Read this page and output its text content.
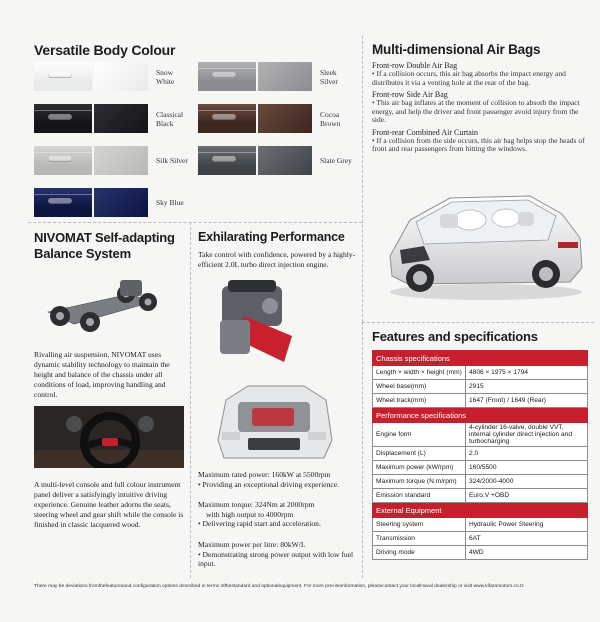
Versatile Body Colour
Snow White
Sleek Silver
Classical Black
Cocoa Brown
Silk Silver	Slate Grey
Sky Blue
Multi-dimensional Air Bags
Front-row Double Air Bag
• If a collision occurs, this air bag absorbs the impact energy and distributes it via a venting hole at the rear of the bag.
Front-row Side Air Bag
• This air bag inflates at the moment of collision to absorb the impact energy, and help the driver and front passenger avoid injury from the side.
Front-rear Combined Air Curtain
• If a collision from the side occurs, this air bag helps stop the heads of front and rear passengers from hitting the windows.
NIVOMAT Self-adapting
Balance System
Rivalling air suspension, NIVOMAT uses dynamic stability technology to maintain the height and balance of the chassis under all conditions of load, improving handling and control.
A multi-level console and full colour instrument panel deliver a satisfyingly intuitive driving experience. Genuine leather adorns the seats, steering wheel and gear shift while the console is finished in classic lacquered wood.
Exhilarating Performance
Take control with confidence, powered by a highly-efficient 2.0L turbo direct injection engine.
Maximum rated power: 160kW at 5500rpm
• Providing an exceptional driving experience.
Maximum torque: 324Nm at 2000rpm
with high output to 4000rpm
• Delivering rapid start and acceleration.
Maximum power per litre: 80kW/L
• Demonstrating strong power output with low fuel input.
Features and specifications
Chassis specifications	
Length × width × height (mm)	4806 × 1975 × 1794
Wheel base(mm)	2915
Wheel track(mm)	1647 (Front) / 1649 (Rear)
Performance specifications	
Engine form	4-cylinder 16-valve, double VVT, internal cylinder direct injection and turbocharging
Displacement (L)	2.0
Maximum power (kW/rpm)	160/5500
Maximum torque (N.m/rpm)	324/2000-4000
Emission standard	Euro.V +OBD
External Equipment	
Steering system	Hydraulic Power Steering
Transmission	6AT
Driving mode	4WD
There may be deviations fromthefeaturesand configuration options described in terms ofthestandard and optionalequipment. For more preciseinformation, pleasecontact your localHaval dealership or visit www.kifaromotors.co.tz
